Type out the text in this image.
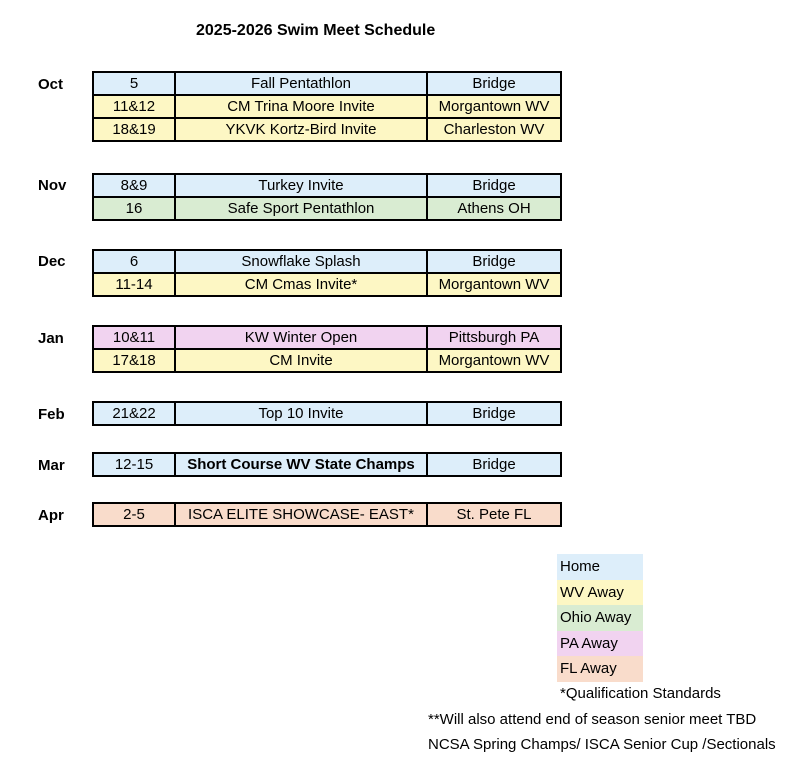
2025-2026 Swim Meet Schedule
Oct	5	Fall Pentathlon	Bridge
11&12	CM Trina Moore Invite	Morgantown WV
18&19	YKVK Kortz-Bird Invite	Charleston WV
Nov	8&9	Turkey Invite	Bridge
16	Safe Sport Pentathlon	Athens OH
Dec	6	Snowflake Splash	Bridge
11-14	CM Cmas Invite*	Morgantown WV
Jan	10&11	KW Winter Open	Pittsburgh PA
17&18	CM Invite	Morgantown WV
Feb	21&22	Top 10 Invite	Bridge
Mar	12-15	Short Course WV State Champs	Bridge
Apr	2-5	ISCA ELITE SHOWCASE- EAST*	St. Pete FL
Home
WV Away
Ohio Away
PA Away
FL Away
*Qualification Standards
**Will also attend end of season senior meet TBD
NCSA Spring Champs/ ISCA Senior Cup /Sectionals
